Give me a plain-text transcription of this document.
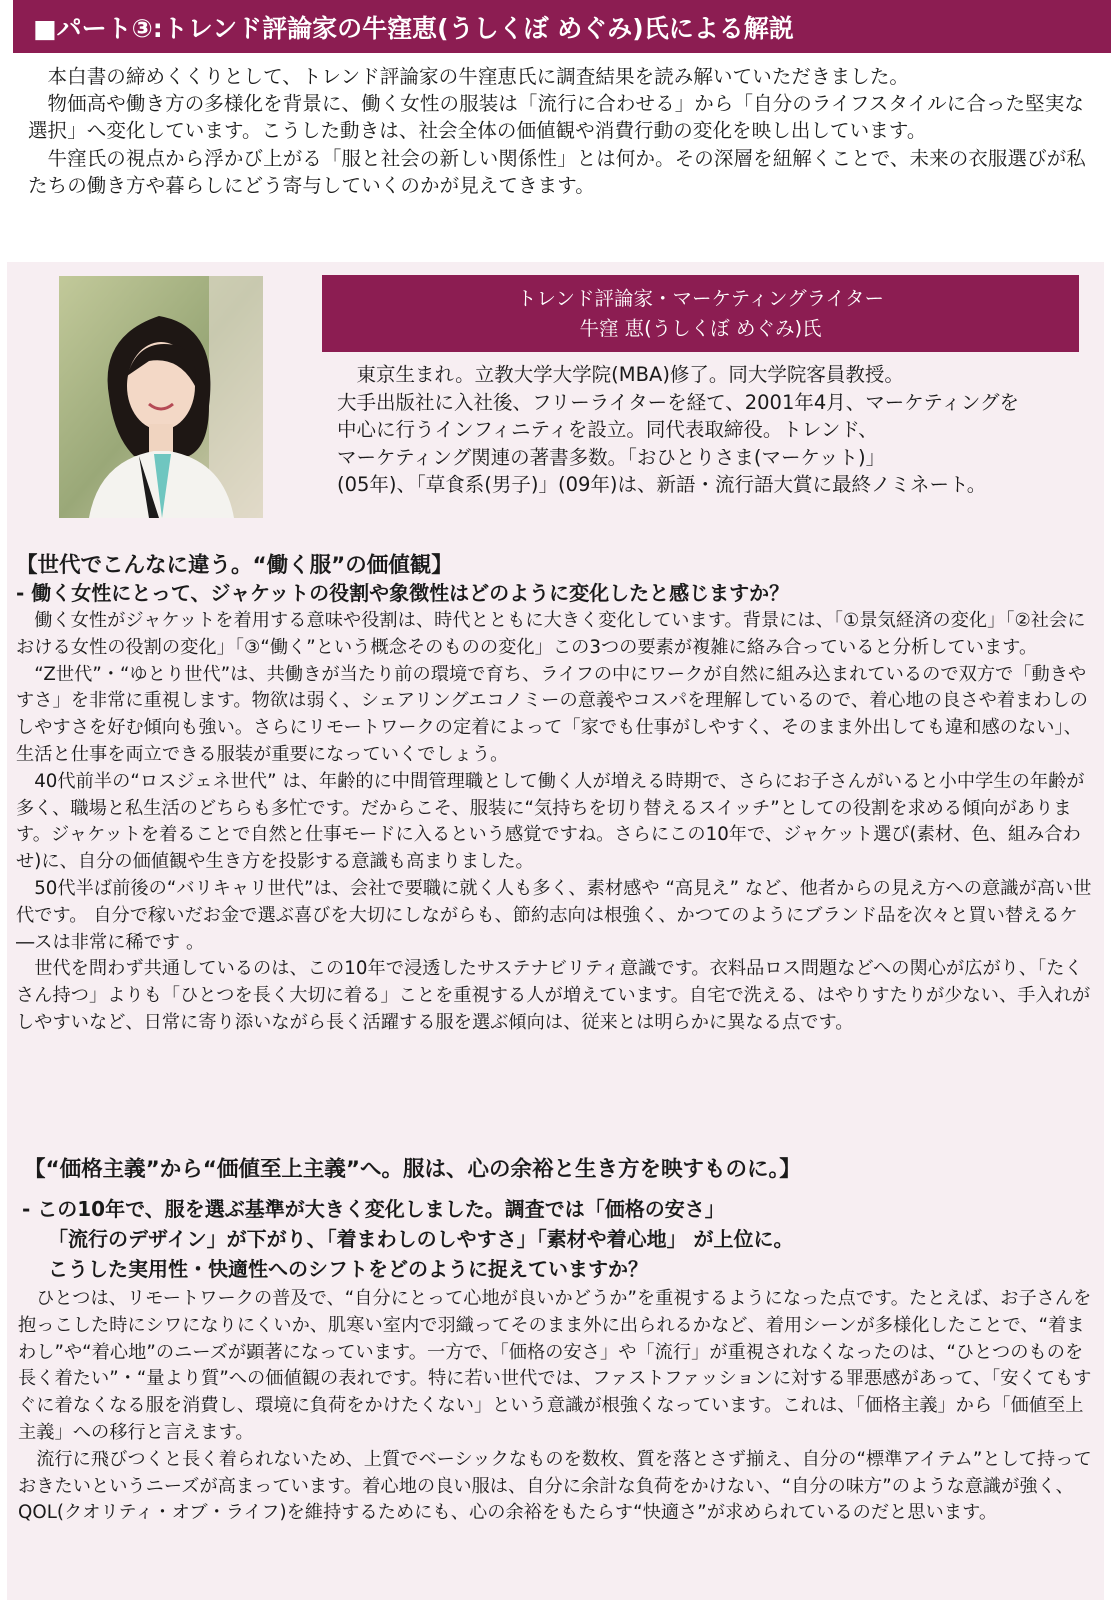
■パート③:トレンド評論家の牛窪恵(うしくぼ めぐみ)氏による解説

本白書の締めくくりとして、トレンド評論家の牛窪恵氏に調査結果を読み解いていただきました。

物価高や働き方の多様化を背景に、働く女性の服装は「流行に合わせる」から「自分のライフスタイルに合った堅実な選択」へ変化しています。こうした動きは、社会全体の価値観や消費行動の変化を映し出しています。

牛窪氏の視点から浮かび上がる「服と社会の新しい関係性」とは何か。その深層を紐解くことで、未来の衣服選びが私たちの働き方や暮らしにどう寄与していくのかが見えてきます。

トレンド評論家・マーケティングライター
牛窪 恵(うしくぼ めぐみ)氏

東京生まれ。立教大学大学院(MBA)修了。同大学院客員教授。

大手出版社に入社後、フリーライターを経て、2001年4月、マーケティングを

中心に行うインフィニティを設立。同代表取締役。トレンド、

マーケティング関連の著書多数。「おひとりさま(マーケット)」

(05年)、「草食系(男子)」(09年)は、新語・流行語大賞に最終ノミネート。

【世代でこんなに違う。“働く服”の価値観】

- 働く女性にとって、ジャケットの役割や象徴性はどのように変化したと感じますか？

働く女性がジャケットを着用する意味や役割は、時代とともに大きく変化しています。背景には、「①景気経済の変化」「②社会における女性の役割の変化」「③“働く”という概念そのものの変化」この3つの要素が複雑に絡み合っていると分析しています。

“Z世代”・“ゆとり世代”は、共働きが当たり前の環境で育ち、ライフの中にワークが自然に組み込まれているので双方で「動きやすさ」を非常に重視します。物欲は弱く、シェアリングエコノミーの意義やコスパを理解しているので、着心地の良さや着まわしのしやすさを好む傾向も強い。さらにリモートワークの定着によって「家でも仕事がしやすく、そのまま外出しても違和感のない」、生活と仕事を両立できる服装が重要になっていくでしょう。

40代前半の“ロスジェネ世代” は、年齢的に中間管理職として働く人が増える時期で、さらにお子さんがいると小中学生の年齢が多く、職場と私生活のどちらも多忙です。だからこそ、服装に“気持ちを切り替えるスイッチ”としての役割を求める傾向があります。ジャケットを着ることで自然と仕事モードに入るという感覚ですね。さらにこの10年で、ジャケット選び(素材、色、組み合わせ)に、自分の価値観や生き方を投影する意識も高まりました。

50代半ば前後の“バリキャリ世代”は、会社で要職に就く人も多く、素材感や “高見え” など、他者からの見え方への意識が高い世代です。 自分で稼いだお金で選ぶ喜びを大切にしながらも、節約志向は根強く、かつてのようにブランド品を次々と買い替えるケ―スは非常に稀です 。

世代を問わず共通しているのは、この10年で浸透したサステナビリティ意識です。衣料品ロス問題などへの関心が広がり、「たくさん持つ」よりも「ひとつを長く大切に着る」ことを重視する人が増えています。自宅で洗える、はやりすたりが少ない、手入れがしやすいなど、日常に寄り添いながら長く活躍する服を選ぶ傾向は、従来とは明らかに異なる点です。

【“価格主義”から“価値至上主義”へ。服は、心の余裕と生き方を映すものに。】

- この10年で、服を選ぶ基準が大きく変化しました。調査では「価格の安さ」

「流行のデザイン」が下がり、「着まわしのしやすさ」「素材や着心地」 が上位に。

こうした実用性・快適性へのシフトをどのように捉えていますか？

ひとつは、リモートワークの普及で、“自分にとって心地が良いかどうか”を重視するようになった点です。たとえば、お子さんを抱っこした時にシワになりにくいか、肌寒い室内で羽織ってそのまま外に出られるかなど、着用シーンが多様化したことで、“着まわし”や“着心地”のニーズが顕著になっています。一方で、「価格の安さ」や「流行」が重視されなくなったのは、“ひとつのものを長く着たい”・“量より質”への価値観の表れです。特に若い世代では、ファストファッションに対する罪悪感があって、「安くてもすぐに着なくなる服を消費し、環境に負荷をかけたくない」という意識が根強くなっています。これは、「価格主義」から「価値至上主義」への移行と言えます。

流行に飛びつくと長く着られないため、上質でベーシックなものを数枚、質を落とさず揃え、自分の“標準アイテム”として持っておきたいというニーズが高まっています。着心地の良い服は、自分に余計な負荷をかけない、“自分の味方”のような意識が強く、QOL(クオリティ・オブ・ライフ)を維持するためにも、心の余裕をもたらす“快適さ”が求められているのだと思います。
